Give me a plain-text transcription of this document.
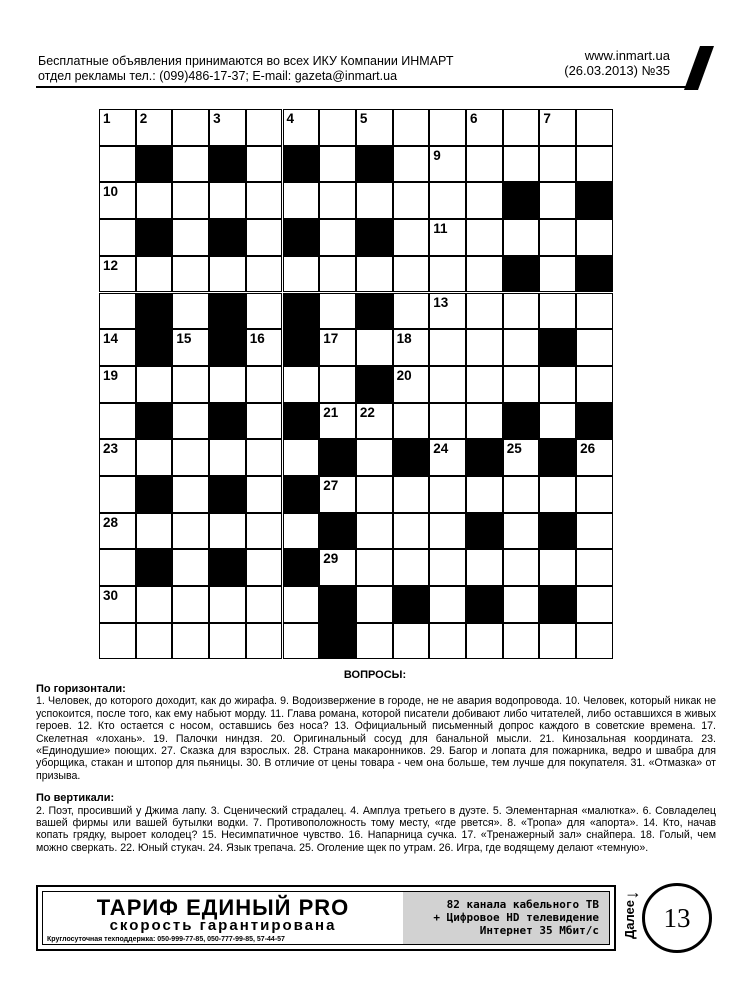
Бесплатные объявления принимаются во всех ИКУ Компании ИНМАРТ
отдел рекламы тел.: (099)486-17-37; E-mail: gazeta@inmart.ua
www.inmart.ua
(26.03.2013) №35
1 2	3	4	5	6	7
9
10
11
12
13
14	15	16	17	18
19	20
21 22
23	24	25	26
27
28
29
30
31
ВОПРОСЫ:

По горизонтали:

1. Человек, до которого доходит, как до жирафа. 9. Водоизвержение в городе, не не авария водопровода. 10. Человек, который никак не успокоится, после того, как ему набьют морду. 11. Глава романа, которой писатели добивают либо читателей, либо оставшихся в живых героев. 12. Кто остается с носом, оставшись без носа? 13. Официальный письменный допрос каждого в советские времена. 17. Скелетная «лохань». 19. Палочки ниндзя. 20. Оригинальный сосуд для банальной мысли. 21. Кинозальная координата. 23. «Единодушие» поющих. 27. Сказка для взрослых. 28. Страна макаронников. 29. Багор и лопата для пожарника, ведро и швабра для уборщика, стакан и штопор для пьяницы. 30. В отличие от цены товара - чем она больше, тем лучше для покупателя. 31. «Отмазка» от призыва.

По вертикали:

2. Поэт, просивший у Джима лапу. 3. Сценический страдалец. 4. Амплуа третьего в дуэте. 5. Элементарная «малютка». 6. Совладелец вашей фирмы или вашей бутылки водки. 7. Противоположность тому месту, «где рвется». 8. «Тропа» для «апорта». 14. Кто, начав копать грядку, выроет колодец? 15. Несимпатичное чувство. 16. Напарница сучка. 17. «Тренажерный зал» снайпера. 18. Голый, чем можно сверкать. 22. Юный стукач. 24. Язык трепача. 25. Оголение щек по утрам. 26. Игра, где водящему делают «темную».

ТАРИФ ЕДИНЫЙ PRO
скорость гарантирована
Круглосуточная техподдержка: 050-999-77-85, 050-777-99-85, 57-44-57
82 канала кабельного ТВ
+ Цифровое HD телевидение
Интернет 35 Мбит/с
→
Далее 13
